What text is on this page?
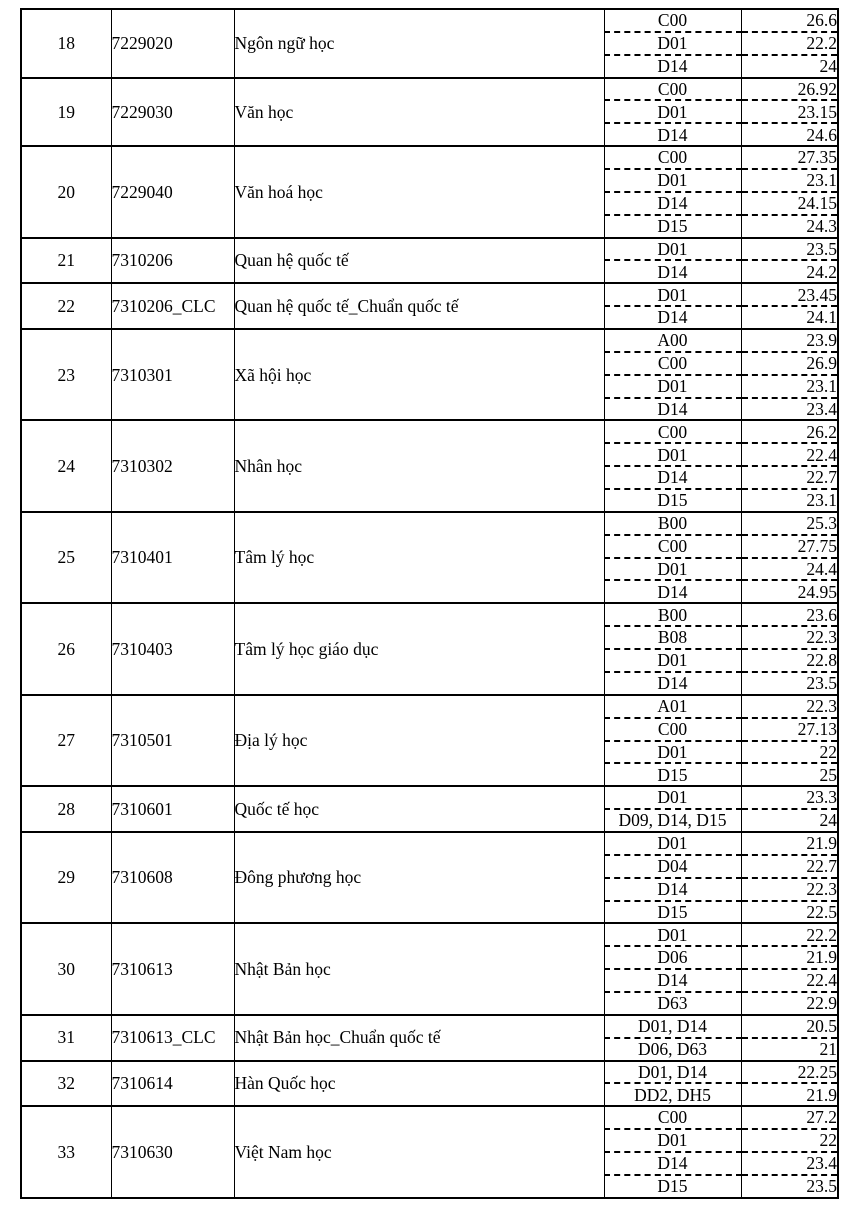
18	7229020	Ngôn ngữ học	C00	26.6
			D01	22.2
			D14	24
19	7229030	Văn học	C00	26.92
			D01	23.15
			D14	24.6
20	7229040	Văn hoá học	C00	27.35
			D01	23.1
			D14	24.15
			D15	24.3
21	7310206	Quan hệ quốc tế	D01	23.5
			D14	24.2
22	7310206_CLC	Quan hệ quốc tế_Chuẩn quốc tế	D01	23.45
			D14	24.1
23	7310301	Xã hội học	A00	23.9
			C00	26.9
			D01	23.1
			D14	23.4
24	7310302	Nhân học	C00	26.2
			D01	22.4
			D14	22.7
			D15	23.1
25	7310401	Tâm lý học	B00	25.3
			C00	27.75
			D01	24.4
			D14	24.95
26	7310403	Tâm lý học giáo dục	B00	23.6
			B08	22.3
			D01	22.8
			D14	23.5
27	7310501	Địa lý học	A01	22.3
			C00	27.13
			D01	22
			D15	25
28	7310601	Quốc tế học	D01	23.3
			D09, D14, D15	24
29	7310608	Đông phương học	D01	21.9
			D04	22.7
			D14	22.3
			D15	22.5
30	7310613	Nhật Bản học	D01	22.2
			D06	21.9
			D14	22.4
			D63	22.9
31	7310613_CLC	Nhật Bản học_Chuẩn quốc tế	D01, D14	20.5
			D06, D63	21
32	7310614	Hàn Quốc học	D01, D14	22.25
			DD2, DH5	21.9
33	7310630	Việt Nam học	C00	27.2
			D01	22
			D14	23.4
			D15	23.5
